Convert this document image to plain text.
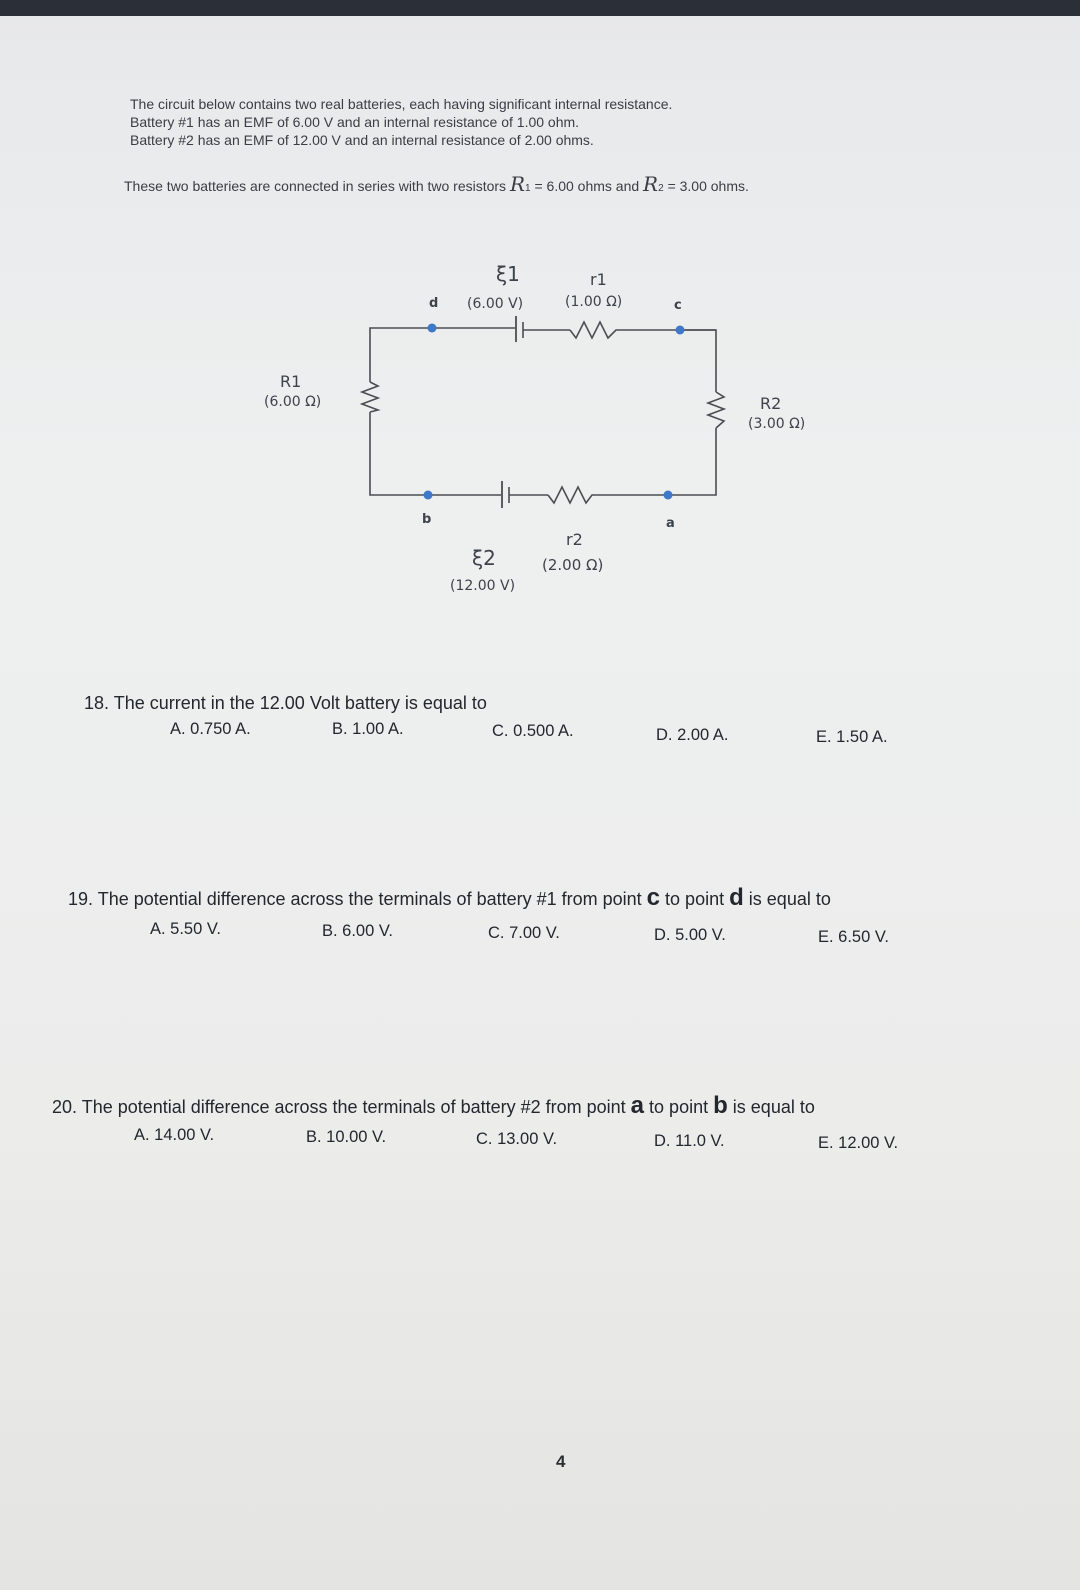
The circuit below contains two real batteries, each having significant internal resistance.
Battery #1 has an EMF of 6.00 V and an internal resistance of 1.00 ohm.
Battery #2 has an EMF of 12.00 V and an internal resistance of 2.00 ohms.
These two batteries are connected in series with two resistors R1 = 6.00 ohms and R2 = 3.00 ohms.
ξ1
(6.00 V)
r1
(1.00 Ω)
d	c
R1
(6.00 Ω)	R2
(3.00 Ω)
b	a
r2
ξ2	(2.00 Ω)
(12.00 V)
18. The current in the 12.00 Volt battery is equal to
A. 0.750 A.	B. 1.00 A.	C. 0.500 A.	D. 2.00 A.	E. 1.50 A.
19. The potential difference across the terminals of battery #1 from point c to point d is equal to
A. 5.50 V.	B. 6.00 V.	C. 7.00 V.	D. 5.00 V.	E. 6.50 V.
20. The potential difference across the terminals of battery #2 from point a to point b is equal to
A. 14.00 V.	B. 10.00 V.	C. 13.00 V.	D. 11.0 V.	E. 12.00 V.
4
